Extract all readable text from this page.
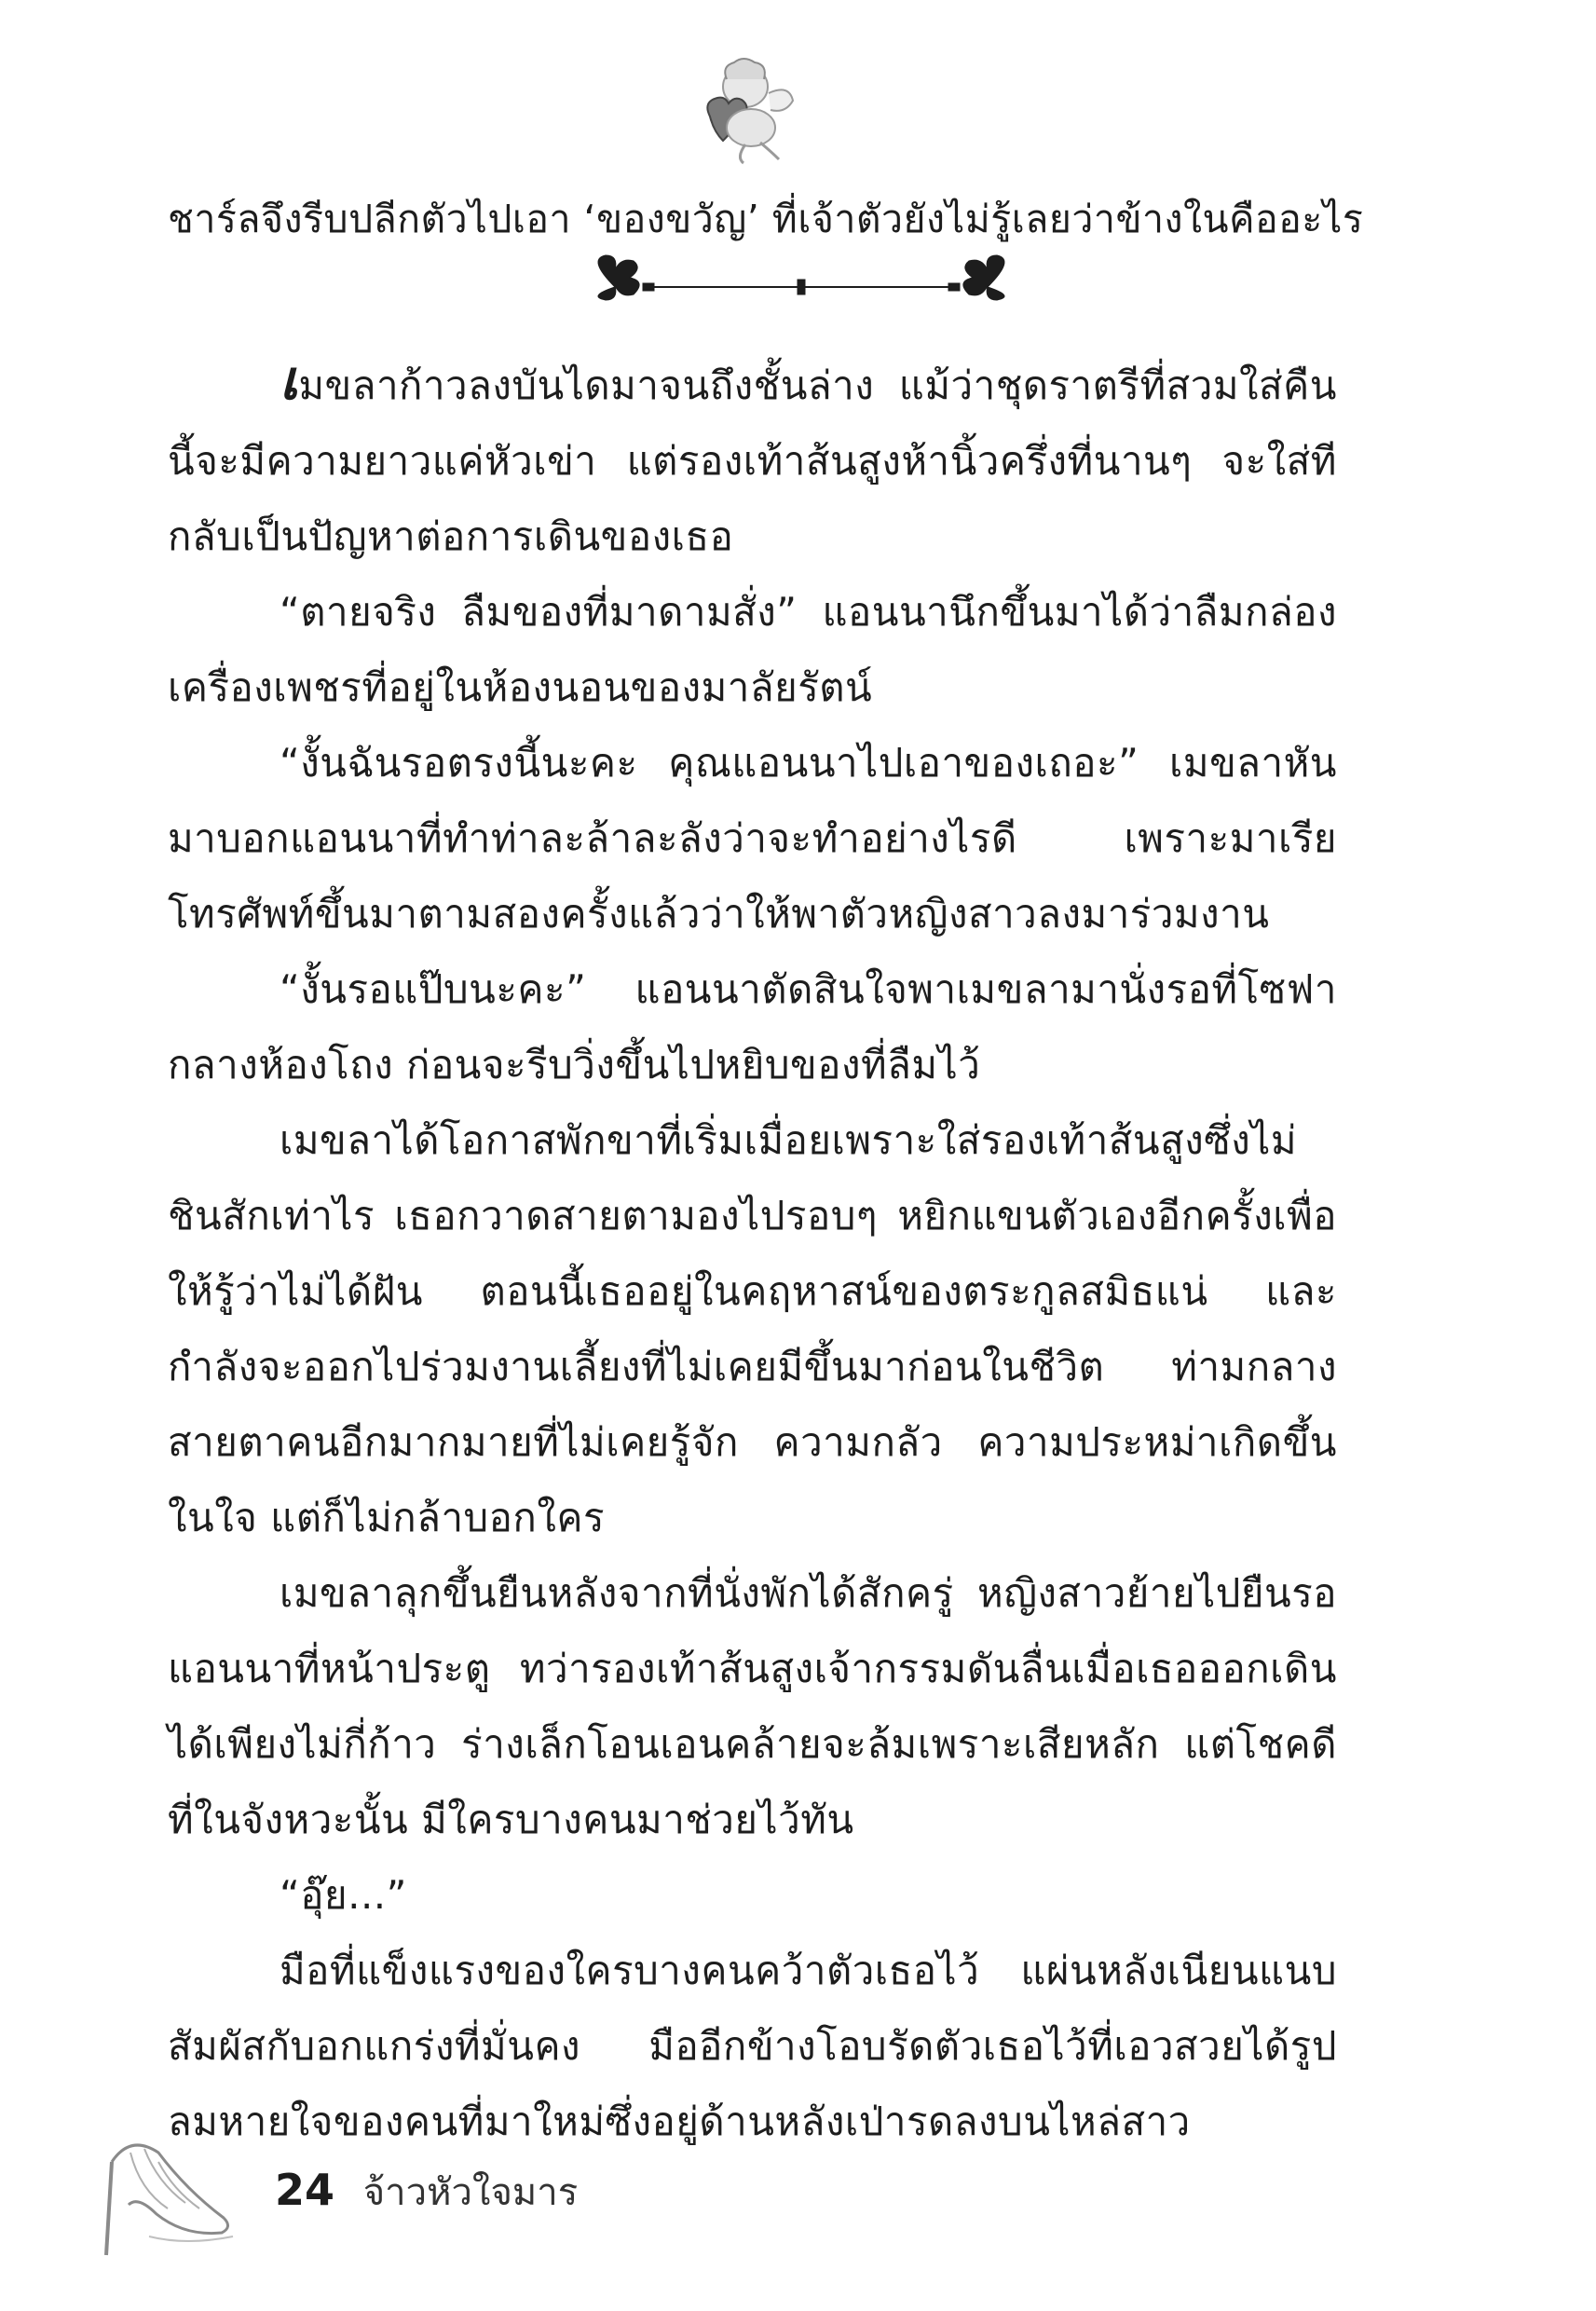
ชาร์ลจึงรีบปลีกตัวไปเอา ‘ของขวัญ’ ที่เจ้าตัวยังไม่รู้เลยว่าข้างในคืออะไร

เมขลาก้าวลงบันไดมาจนถึงชั้นล่าง แม้ว่าชุดราตรีที่สวมใส่คืนนี้จะมีความยาวแค่หัวเข่า แต่รองเท้าส้นสูงห้านิ้วครึ่งที่นานๆ จะใส่ทีกลับเป็นปัญหาต่อการเดินของเธอ

“ตายจริง ลืมของที่มาดามสั่ง” แอนนานึกขึ้นมาได้ว่าลืมกล่องเครื่องเพชรที่อยู่ในห้องนอนของมาลัยรัตน์

“งั้นฉันรอตรงนี้นะคะ คุณแอนนาไปเอาของเถอะ” เมขลาหันมาบอกแอนนาที่ทำท่าละล้าละลังว่าจะทำอย่างไรดี เพราะมาเรียโทรศัพท์ขึ้นมาตามสองครั้งแล้วว่าให้พาตัวหญิงสาวลงมาร่วมงาน

“งั้นรอแป๊บนะคะ” แอนนาตัดสินใจพาเมขลามานั่งรอที่โซฟากลางห้องโถง ก่อนจะรีบวิ่งขึ้นไปหยิบของที่ลืมไว้

เมขลาได้โอกาสพักขาที่เริ่มเมื่อยเพราะใส่รองเท้าส้นสูงซึ่งไม่ชินสักเท่าไร เธอกวาดสายตามองไปรอบๆ หยิกแขนตัวเองอีกครั้งเพื่อให้รู้ว่าไม่ได้ฝัน ตอนนี้เธออยู่ในคฤหาสน์ของตระกูลสมิธแน่ และกำลังจะออกไปร่วมงานเลี้ยงที่ไม่เคยมีขึ้นมาก่อนในชีวิต ท่ามกลางสายตาคนอีกมากมายที่ไม่เคยรู้จัก ความกลัว ความประหม่าเกิดขึ้นในใจ แต่ก็ไม่กล้าบอกใคร

เมขลาลุกขึ้นยืนหลังจากที่นั่งพักได้สักครู่ หญิงสาวย้ายไปยืนรอแอนนาที่หน้าประตู ทว่ารองเท้าส้นสูงเจ้ากรรมดันลื่นเมื่อเธอออกเดินได้เพียงไม่กี่ก้าว ร่างเล็กโอนเอนคล้ายจะล้มเพราะเสียหลัก แต่โชคดีที่ในจังหวะนั้น มีใครบางคนมาช่วยไว้ทัน

“อุ๊ย...”

มือที่แข็งแรงของใครบางคนคว้าตัวเธอไว้ แผ่นหลังเนียนแนบสัมผัสกับอกแกร่งที่มั่นคง มืออีกข้างโอบรัดตัวเธอไว้ที่เอวสวยได้รูป ลมหายใจของคนที่มาใหม่ซึ่งอยู่ด้านหลังเป่ารดลงบนไหล่สาว

24 จ้าวหัวใจมาร
